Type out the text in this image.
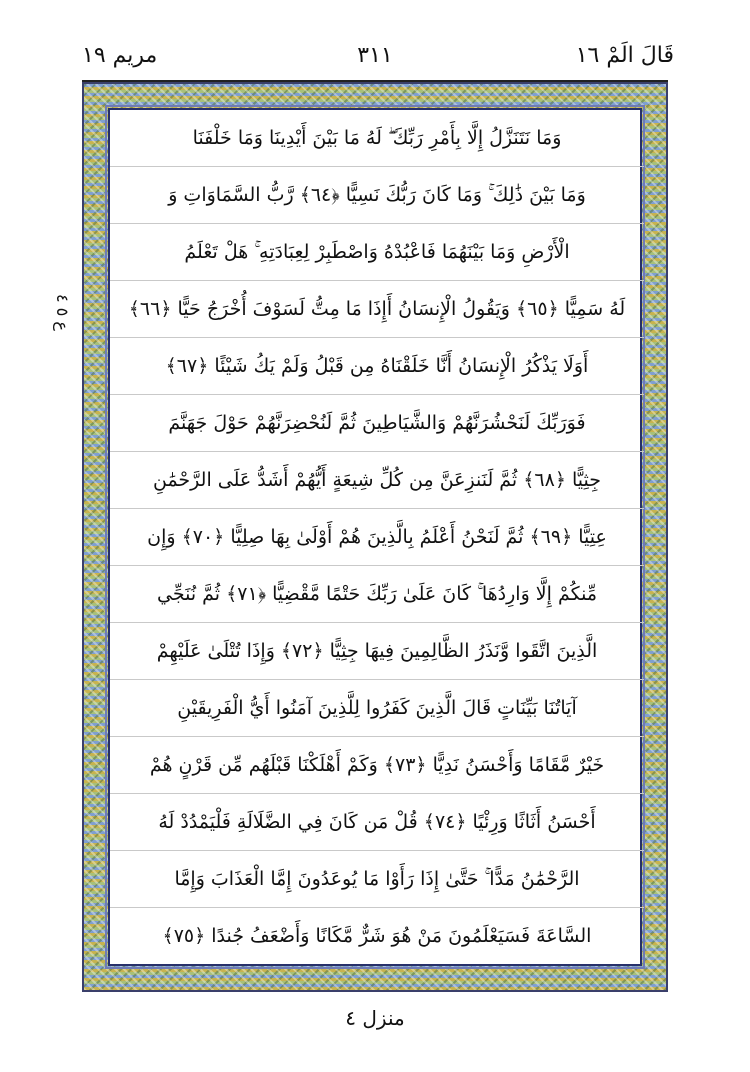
قَالَ الَمْ ١٦
٣١١
مريم ١٩
ع ٥ ٤
وَمَا نَتَنَزَّلُ إِلَّا بِأَمْرِ رَبِّكَ ۖ لَهُ مَا بَيْنَ أَيْدِينَا وَمَا خَلْفَنَا
وَمَا بَيْنَ ذَٰلِكَ ۚ وَمَا كَانَ رَبُّكَ نَسِيًّا ﴿٦٤﴾ رَّبُّ السَّمَاوَاتِ وَ
الْأَرْضِ وَمَا بَيْنَهُمَا فَاعْبُدْهُ وَاصْطَبِرْ لِعِبَادَتِهِ ۚ هَلْ تَعْلَمُ
لَهُ سَمِيًّا ﴿٦٥﴾ وَيَقُولُ الْإِنسَانُ أَإِذَا مَا مِتُّ لَسَوْفَ أُخْرَجُ حَيًّا ﴿٦٦﴾
أَوَلَا يَذْكُرُ الْإِنسَانُ أَنَّا خَلَقْنَاهُ مِن قَبْلُ وَلَمْ يَكُ شَيْئًا ﴿٦٧﴾
فَوَرَبِّكَ لَنَحْشُرَنَّهُمْ وَالشَّيَاطِينَ ثُمَّ لَنُحْضِرَنَّهُمْ حَوْلَ جَهَنَّمَ
جِثِيًّا ﴿٦٨﴾ ثُمَّ لَنَنزِعَنَّ مِن كُلِّ شِيعَةٍ أَيُّهُمْ أَشَدُّ عَلَى الرَّحْمَٰنِ
عِتِيًّا ﴿٦٩﴾ ثُمَّ لَنَحْنُ أَعْلَمُ بِالَّذِينَ هُمْ أَوْلَىٰ بِهَا صِلِيًّا ﴿٧٠﴾ وَإِن
مِّنكُمْ إِلَّا وَارِدُهَا ۚ كَانَ عَلَىٰ رَبِّكَ حَتْمًا مَّقْضِيًّا ﴿٧١﴾ ثُمَّ نُنَجِّي
الَّذِينَ اتَّقَوا وَّنَذَرُ الظَّالِمِينَ فِيهَا جِثِيًّا ﴿٧٢﴾ وَإِذَا تُتْلَىٰ عَلَيْهِمْ
آيَاتُنَا بَيِّنَاتٍ قَالَ الَّذِينَ كَفَرُوا لِلَّذِينَ آمَنُوا أَيُّ الْفَرِيقَيْنِ
خَيْرٌ مَّقَامًا وَأَحْسَنُ نَدِيًّا ﴿٧٣﴾ وَكَمْ أَهْلَكْنَا قَبْلَهُم مِّن قَرْنٍ هُمْ
أَحْسَنُ أَثَاثًا وَرِئْيًا ﴿٧٤﴾ قُلْ مَن كَانَ فِي الضَّلَالَةِ فَلْيَمْدُدْ لَهُ
الرَّحْمَٰنُ مَدًّا ۚ حَتَّىٰ إِذَا رَأَوْا مَا يُوعَدُونَ إِمَّا الْعَذَابَ وَإِمَّا
السَّاعَةَ فَسَيَعْلَمُونَ مَنْ هُوَ شَرٌّ مَّكَانًا وَأَضْعَفُ جُندًا ﴿٧٥﴾
منزل ٤
